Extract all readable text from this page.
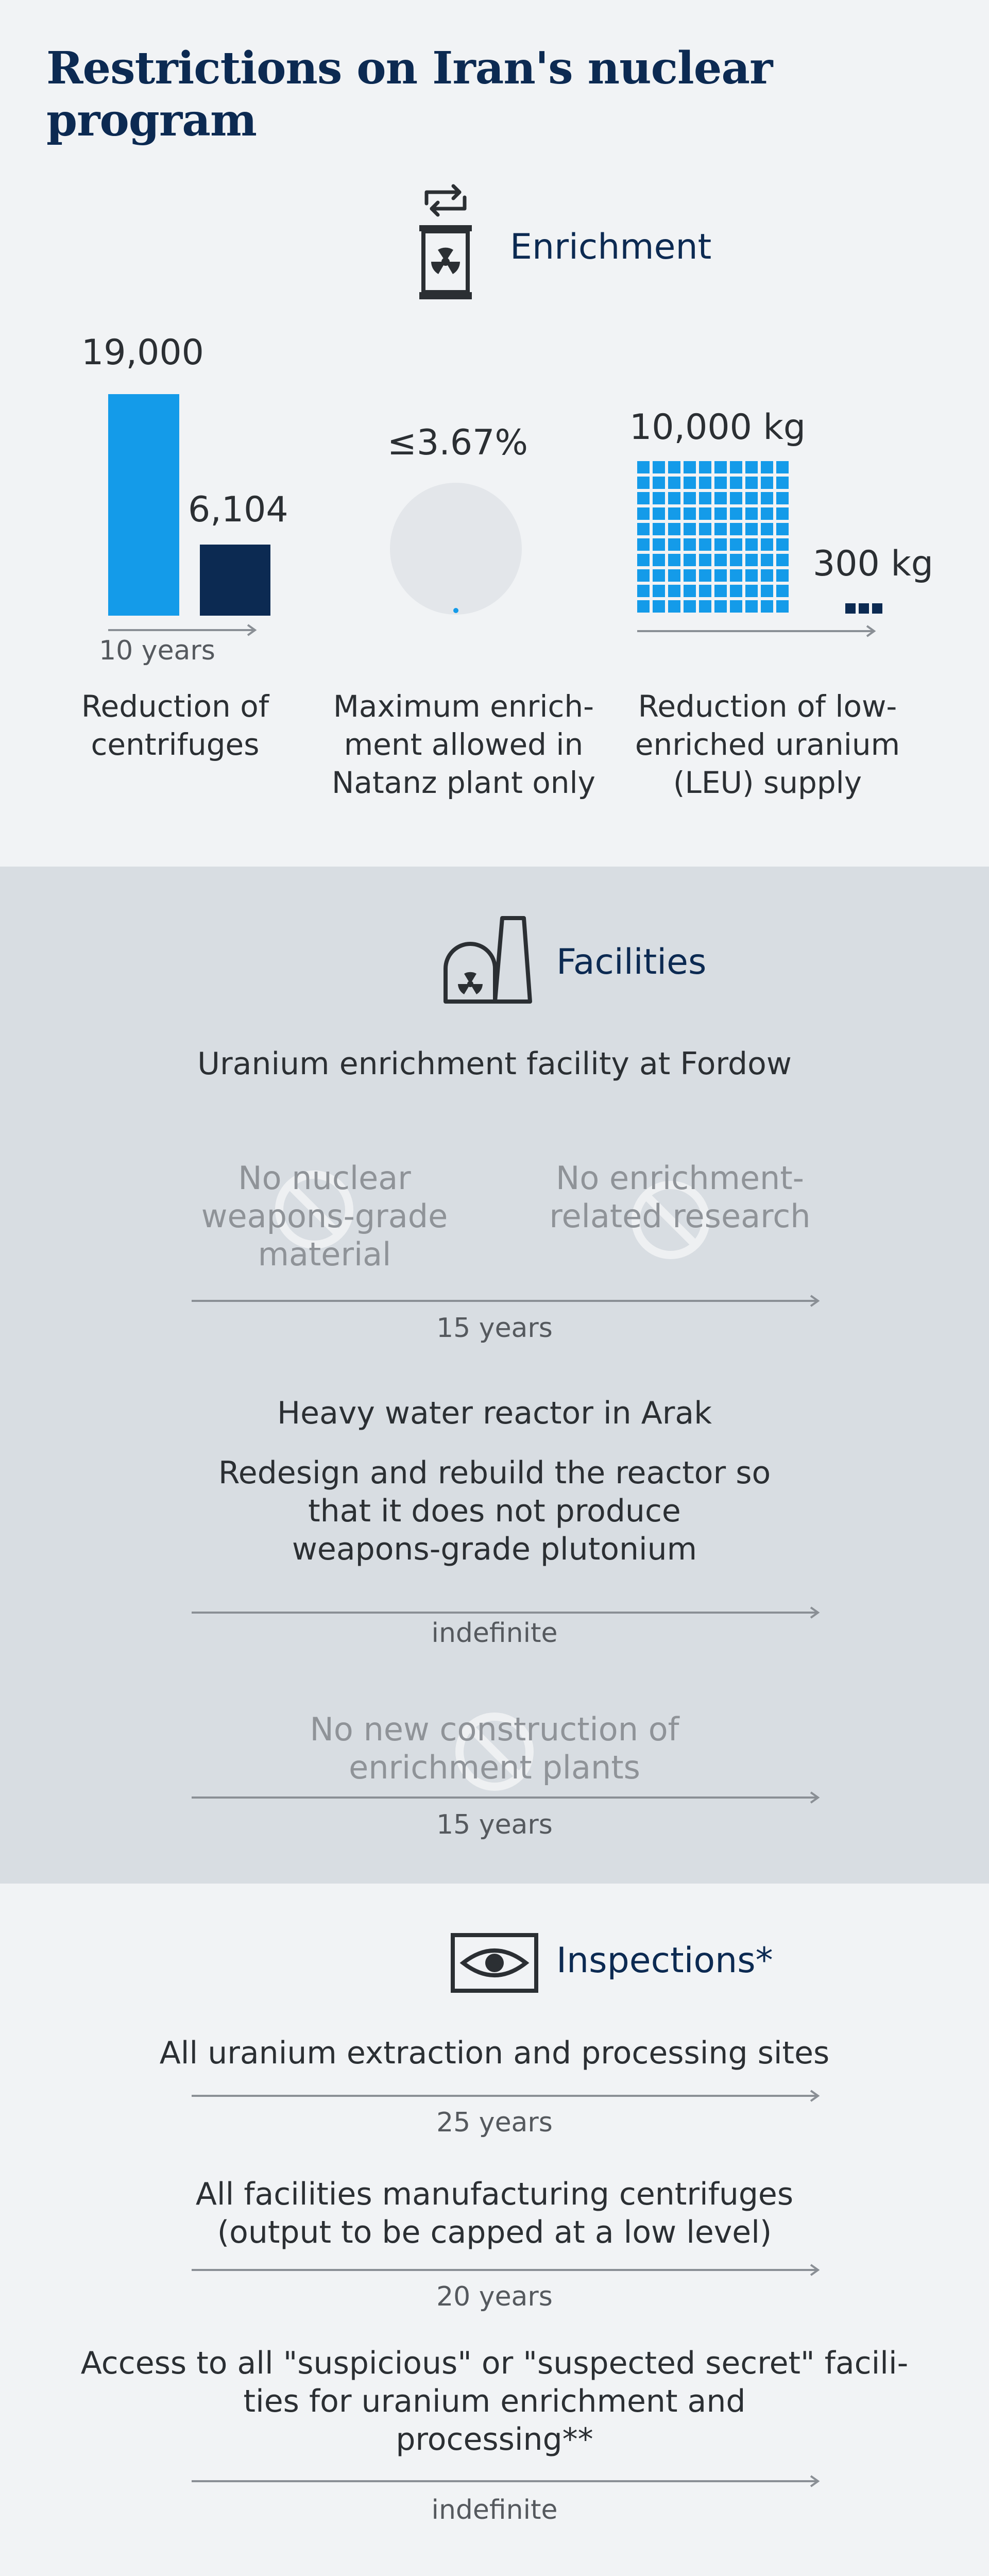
Restrictions on Iran's nuclear program
Enrichment
19,000
6,104
10 years
Reduction of
centrifuges
≤3.67%
Maximum enrich-
ment allowed in
Natanz plant only
10,000 kg
300 kg
Reduction of low-
enriched uranium
(LEU) supply
Facilities
Uranium enrichment facility at Fordow
No nuclear
weapons-grade
material
No enrichment-
related research
15 years
Heavy water reactor in Arak
Redesign and rebuild the reactor so
that it does not produce
weapons-grade plutonium
indefinite
No new construction of
enrichment plants
15 years
Inspections*
All uranium extraction and processing sites
25 years
All facilities manufacturing centrifuges
(output to be capped at a low level)
20 years
Access to all "suspicious" or "suspected secret" facili-
ties for uranium enrichment and
processing**
indefinite
